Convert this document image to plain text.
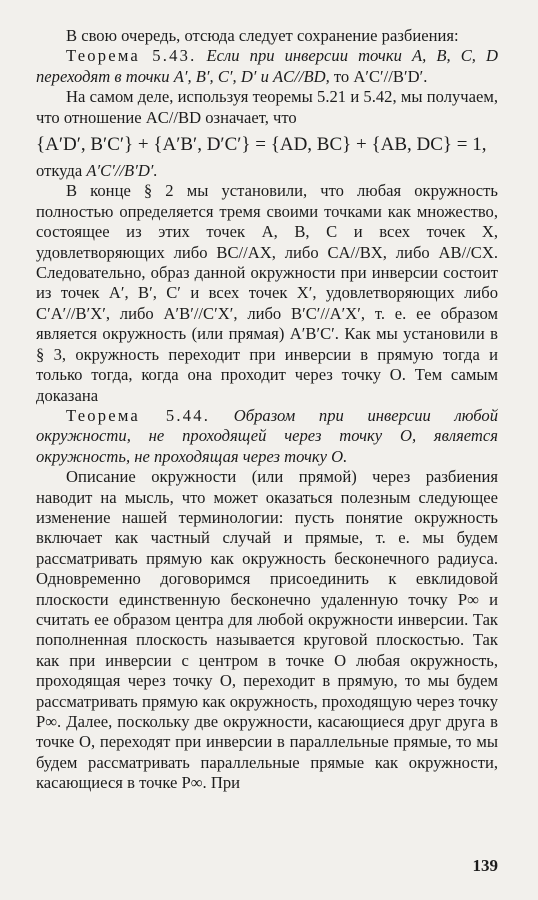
В свою очередь, отсюда следует сохранение разбиения:

Теорема 5.43. Если при инверсии точки A, B, C, D переходят в точки A′, B′, C′, D′ и AC//BD, то A′C′//B′D′.

На самом деле, используя теоремы 5.21 и 5.42, мы получаем, что отношение AC//BD означает, что

{A′D′, B′C′} + {A′B′, D′C′} = {AD, BC} + {AB, DC} = 1,

откуда A′C′//B′D′.

В конце § 2 мы установили, что любая окружность полностью определяется тремя своими точками как множество, состоящее из этих точек A, B, C и всех точек X, удовлетворяющих либо BC//AX, либо CA//BX, либо AB//CX. Следовательно, образ данной окружности при инверсии состоит из точек A′, B′, C′ и всех точек X′, удовлетворяющих либо C′A′//B′X′, либо A′B′//C′X′, либо B′C′//A′X′, т. е. ее образом является окружность (или прямая) A′B′C′. Как мы установили в § 3, окружность переходит при инверсии в прямую тогда и только тогда, когда она проходит через точку O. Тем самым доказана

Теорема 5.44. Образом при инверсии любой окружности, не проходящей через точку O, является окружность, не проходящая через точку O.

Описание окружности (или прямой) через разбиения наводит на мысль, что может оказаться полезным следующее изменение нашей терминологии: пусть понятие окружность включает как частный случай и прямые, т. е. мы будем рассматривать прямую как окружность бесконечного радиуса. Одновременно договоримся присоединить к евклидовой плоскости единственную бесконечно удаленную точку P∞ и считать ее образом центра для любой окружности инверсии. Так пополненная плоскость называется круговой плоскостью. Так как при инверсии с центром в точке O любая окружность, проходящая через точку O, переходит в прямую, то мы будем рассматривать прямую как окружность, проходящую через точку P∞. Далее, поскольку две окружности, касающиеся друг друга в точке O, переходят при инверсии в параллельные прямые, то мы будем рассматривать параллельные прямые как окружности, касающиеся в точке P∞. При

139
